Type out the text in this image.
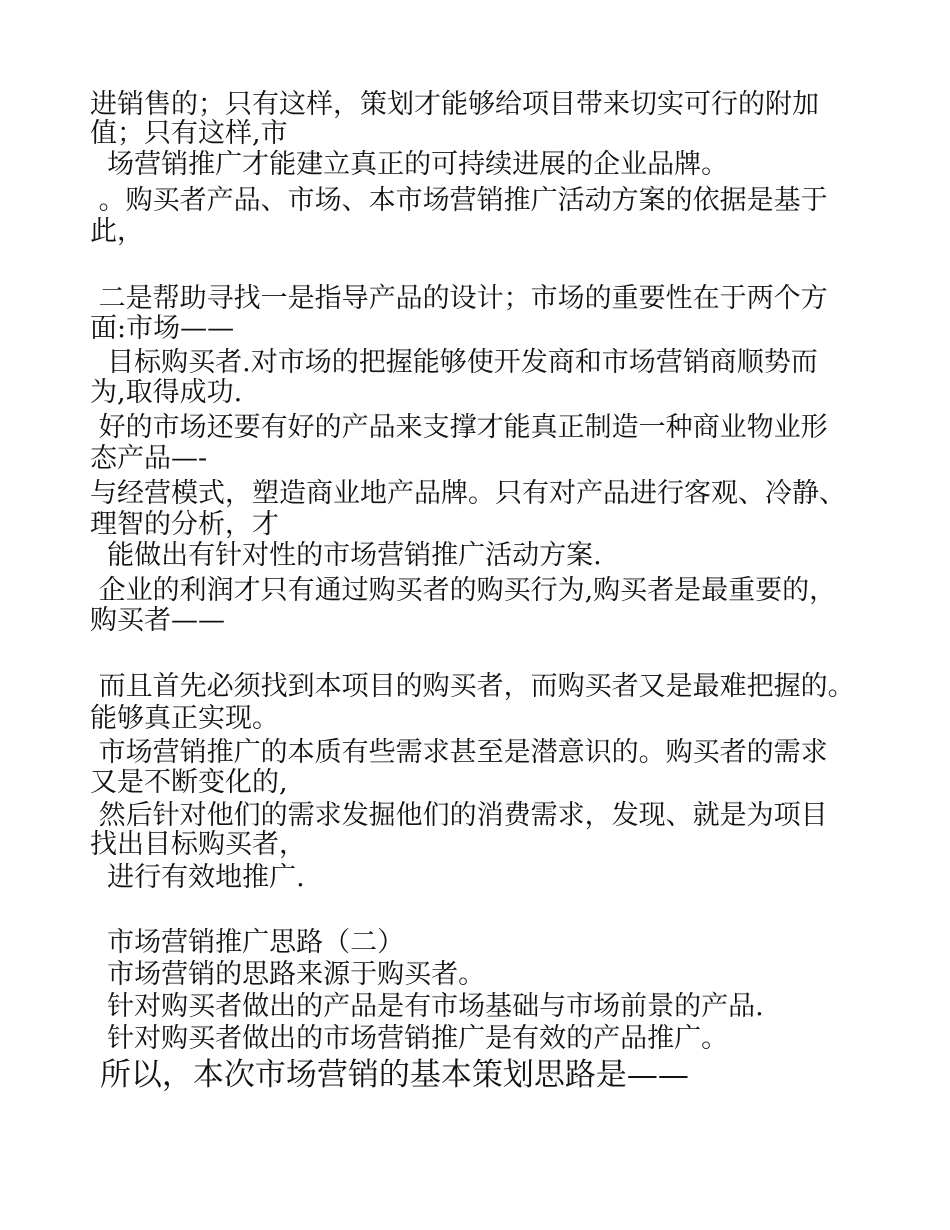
进销售的；只有这样，策划才能够给项目带来切实可行的附加

值；只有这样,市

场营销推广才能建立真正的可持续进展的企业品牌。

。购买者产品、市场、本市场营销推广活动方案的依据是基于

此，

二是帮助寻找一是指导产品的设计；市场的重要性在于两个方

面:市场——

目标购买者.对市场的把握能够使开发商和市场营销商顺势而

为,取得成功.

好的市场还要有好的产品来支撑才能真正制造一种商业物业形

态产品—-

与经营模式，塑造商业地产品牌。只有对产品进行客观、冷静、

理智的分析，才

能做出有针对性的市场营销推广活动方案.

企业的利润才只有通过购买者的购买行为,购买者是最重要的，

购买者——

而且首先必须找到本项目的购买者，而购买者又是最难把握的。

能够真正实现。

市场营销推广的本质有些需求甚至是潜意识的。购买者的需求

又是不断变化的,

然后针对他们的需求发掘他们的消费需求，发现、就是为项目

找出目标购买者，

进行有效地推广.

市场营销推广思路（二）

市场营销的思路来源于购买者。

针对购买者做出的产品是有市场基础与市场前景的产品.

针对购买者做出的市场营销推广是有效的产品推广。

所以，本次市场营销的基本策划思路是——
